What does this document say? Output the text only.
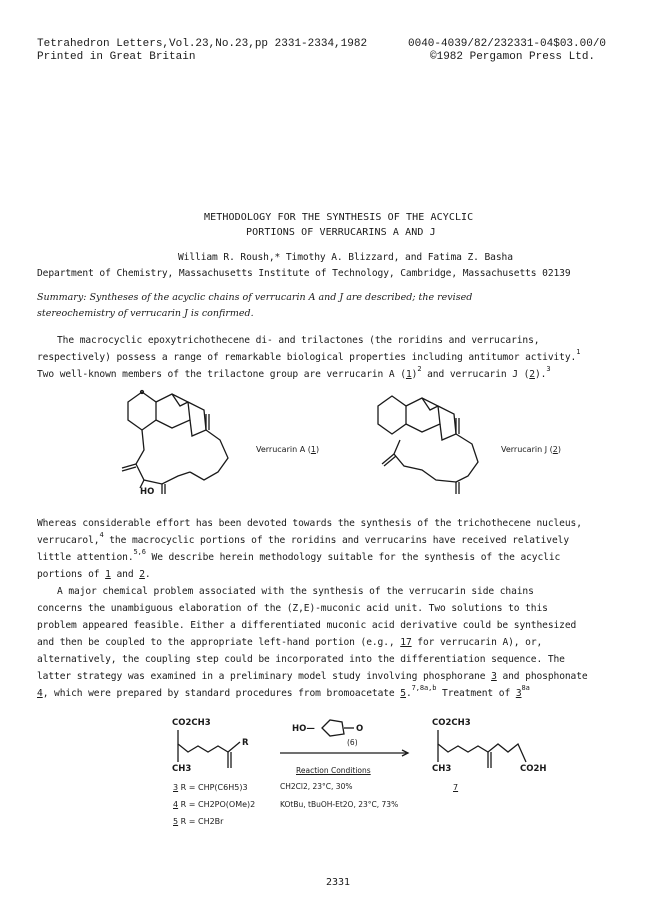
Tetrahedron Letters,Vol.23,No.23,pp 2331-2334,1982	0040-4039/82/232331-04$03.00/0
Printed in Great Britain	©1982 Pergamon Press Ltd.
METHODOLOGY FOR THE SYNTHESIS OF THE ACYCLIC
PORTIONS OF VERRUCARINS A AND J
William R. Roush,* Timothy A. Blizzard, and Fatima Z. Basha
Department of Chemistry, Massachusetts Institute of Technology, Cambridge, Massachusetts 02139
Summary: Syntheses of the acyclic chains of verrucarin A and J are described; the revised
stereochemistry of verrucarin J is confirmed.
The macrocyclic epoxytrichothecene di- and trilactones (the roridins and verrucarins,
respectively) possess a range of remarkable biological properties including antitumor activity.$^1$
Two well-known members of the trilactone group are verrucarin A $(1)^2$ and verrucarin J (2).$^3$
HO
Verrucarin A (1)	Verrucarin J (2)
Whereas considerable effort has been devoted towards the synthesis of the trichothecene nucleus,
verrucarol,$^4$ the macrocyclic portions of the roridins and verrucarins have received relatively
little attention.$^{5,6}$ We describe herein methodology suitable for the synthesis of the acyclic
portions of 1 and 2.
A major chemical problem associated with the synthesis of the verrucarin side chains
concerns the unambiguous elaboration of the (Z,E)-muconic acid unit. Two solutions to this
problem appeared feasible. Either a differentiated muconic acid derivative could be synthesized
and then be coupled to the appropriate left-hand portion (e.g., 17 for verrucarin A), or,
alternatively, the coupling step could be incorporated into the differentiation sequence. The
latter strategy was examined in a preliminary model study involving phosphorane 3 and phosphonate
4, which were prepared by standard procedures from bromoacetate 5.$^{7,8a,b}$ Treatment of $3^{8a}$
CO2CH3
R
CH3
3 R = CHP(C6H5)3
4 R = CH2PO(OMe)2
5 R = CH2Br
HO—	O
(6)
Reaction Conditions
CH2Cl2, 23°C, 30%
KOtBu, tBuOH-Et2O, 23°C, 73%
CO2CH3
CH3	CO2H
7
2331
